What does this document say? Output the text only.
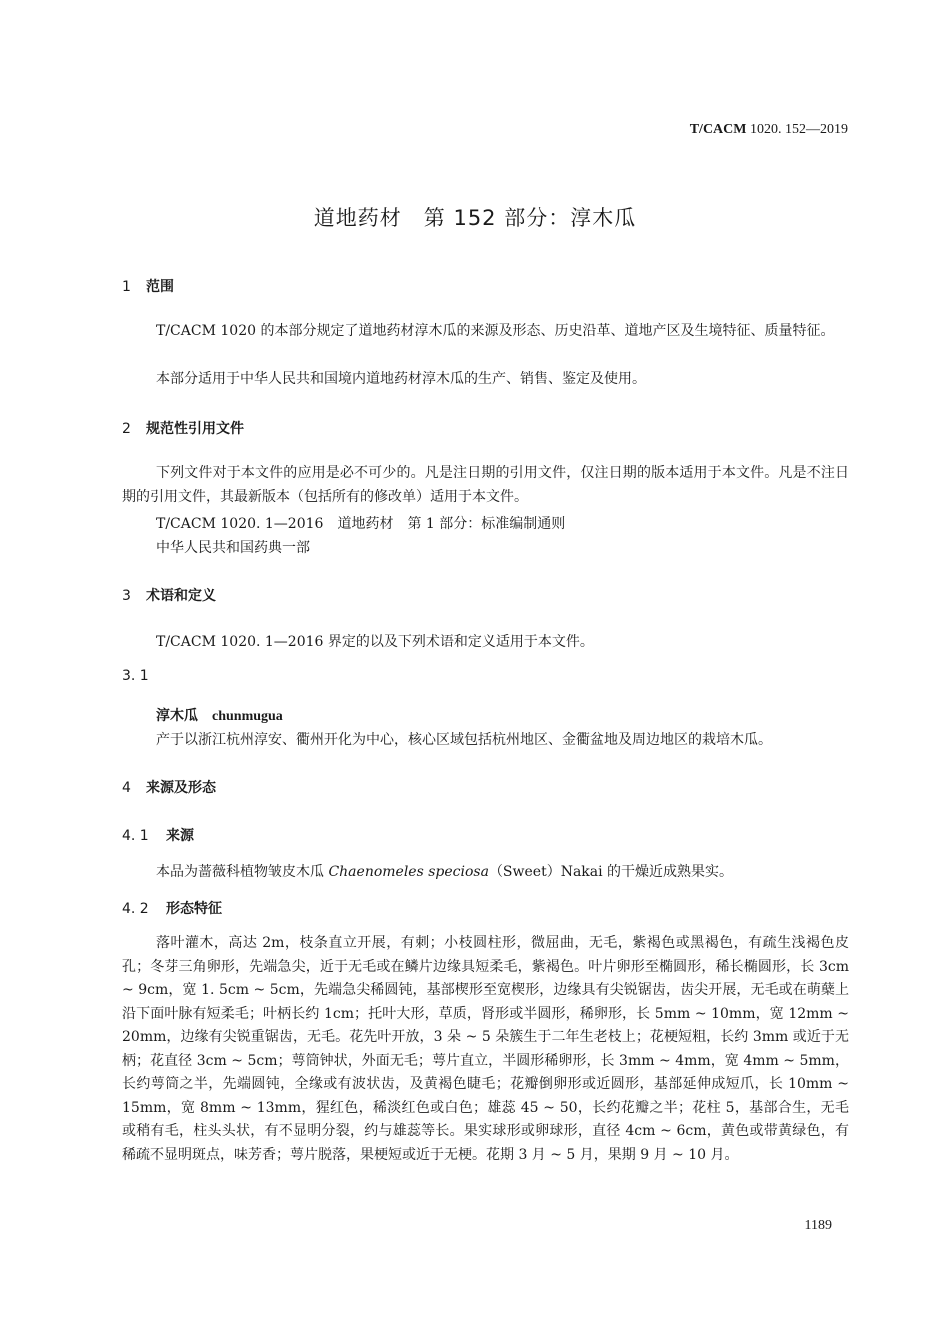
T/CACM 1020. 152—2019
道地药材　第 152 部分：淳木瓜
1 范围
T/CACM 1020 的本部分规定了道地药材淳木瓜的来源及形态、历史沿革、道地产区及生境特征、质量特征。
本部分适用于中华人民共和国境内道地药材淳木瓜的生产、销售、鉴定及使用。
2 规范性引用文件
下列文件对于本文件的应用是必不可少的。凡是注日期的引用文件，仅注日期的版本适用于本文件。凡是不注日期的引用文件，其最新版本（包括所有的修改单）适用于本文件。
T/CACM 1020. 1—2016　道地药材　第 1 部分：标准编制通则
中华人民共和国药典一部
3 术语和定义
T/CACM 1020. 1—2016 界定的以及下列术语和定义适用于本文件。
3. 1
淳木瓜 chunmugua
产于以浙江杭州淳安、衢州开化为中心，核心区域包括杭州地区、金衢盆地及周边地区的栽培木瓜。
4 来源及形态
4. 1 来源
本品为蔷薇科植物皱皮木瓜 Chaenomeles speciosa（Sweet）Nakai 的干燥近成熟果实。
4. 2 形态特征
落叶灌木，高达 2m，枝条直立开展，有刺；小枝圆柱形，微屈曲，无毛，紫褐色或黑褐色，有疏生浅褐色皮孔；冬芽三角卵形，先端急尖，近于无毛或在鳞片边缘具短柔毛，紫褐色。叶片卵形至椭圆形，稀长椭圆形，长 3cm ~ 9cm，宽 1. 5cm ~ 5cm，先端急尖稀圆钝，基部楔形至宽楔形，边缘具有尖锐锯齿，齿尖开展，无毛或在萌蘖上沿下面叶脉有短柔毛；叶柄长约 1cm；托叶大形，草质，肾形或半圆形，稀卵形，长 5mm ~ 10mm，宽 12mm ~ 20mm，边缘有尖锐重锯齿，无毛。花先叶开放，3 朵 ~ 5 朵簇生于二年生老枝上；花梗短粗，长约 3mm 或近于无柄；花直径 3cm ~ 5cm；萼筒钟状，外面无毛；萼片直立，半圆形稀卵形，长 3mm ~ 4mm，宽 4mm ~ 5mm，长约萼筒之半，先端圆钝，全缘或有波状齿，及黄褐色睫毛；花瓣倒卵形或近圆形，基部延伸成短爪，长 10mm ~ 15mm，宽 8mm ~ 13mm，猩红色，稀淡红色或白色；雄蕊 45 ~ 50，长约花瓣之半；花柱 5，基部合生，无毛或稍有毛，柱头头状，有不显明分裂，约与雄蕊等长。果实球形或卵球形，直径 4cm ~ 6cm，黄色或带黄绿色，有稀疏不显明斑点，味芳香；萼片脱落，果梗短或近于无梗。花期 3 月 ~ 5 月，果期 9 月 ~ 10 月。
1189
